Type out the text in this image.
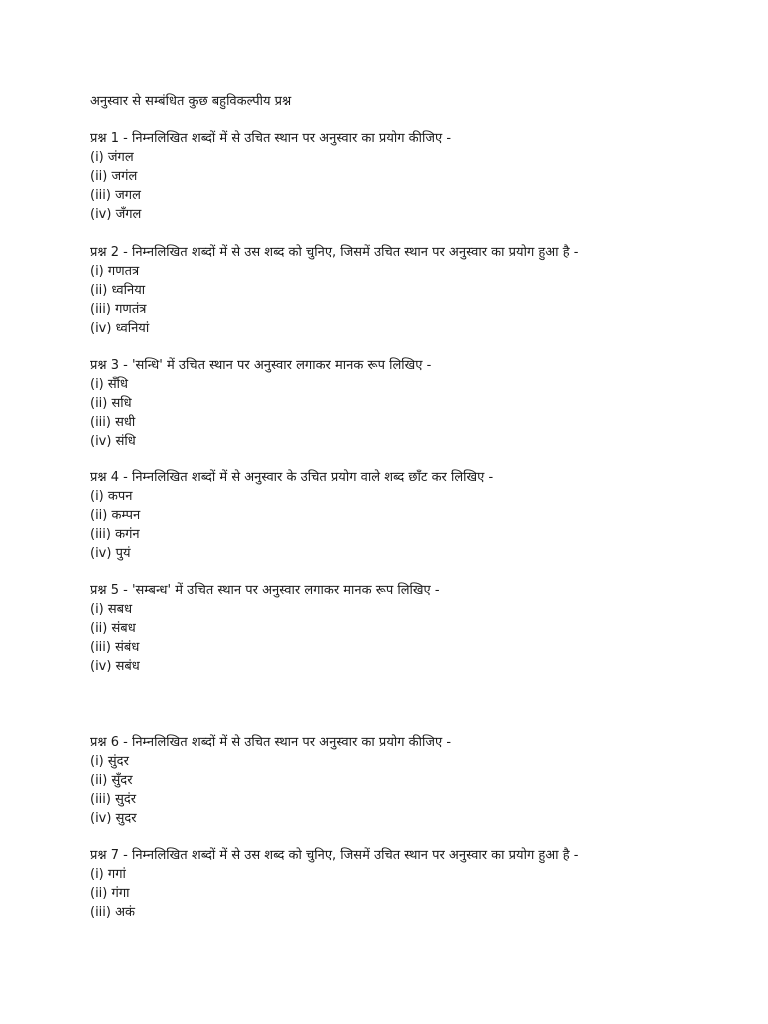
अनुस्वार से सम्बंधित कुछ बहुविकल्पीय प्रश्न
प्रश्न 1 - निम्नलिखित शब्दों में से उचित स्थान पर अनुस्वार का प्रयोग कीजिए -
(i) जंगल
(ii) जगंल
(iii) जगल
(iv) जँगल
प्रश्न 2 - निम्नलिखित शब्दों में से उस शब्द को चुनिए, जिसमें उचित स्थान पर अनुस्वार का प्रयोग हुआ है -
(i) गणतत्र
(ii) ध्वनिया
(iii) गणतंत्र
(iv) ध्वनियां
प्रश्न 3 - 'सन्धि' में उचित स्थान पर अनुस्वार लगाकर मानक रूप लिखिए -
(i) सँधि
(ii) सधि
(iii) सधी
(iv) संधि
प्रश्न 4 - निम्नलिखित शब्दों में से अनुस्वार के उचित प्रयोग वाले शब्द छाँट कर लिखिए -
(i) कपन
(ii) कम्पन
(iii) कगंन
(iv) पुयं
प्रश्न 5 - 'सम्बन्ध' में उचित स्थान पर अनुस्वार लगाकर मानक रूप लिखिए -
(i) सबध
(ii) संबध
(iii) संबंध
(iv) सबंध
प्रश्न 6 - निम्नलिखित शब्दों में से उचित स्थान पर अनुस्वार का प्रयोग कीजिए -
(i) सुंदर
(ii) सुँदर
(iii) सुदंर
(iv) सुदर
प्रश्न 7 - निम्नलिखित शब्दों में से उस शब्द को चुनिए, जिसमें उचित स्थान पर अनुस्वार का प्रयोग हुआ है -
(i) गगां
(ii) गंगा
(iii) अकं
